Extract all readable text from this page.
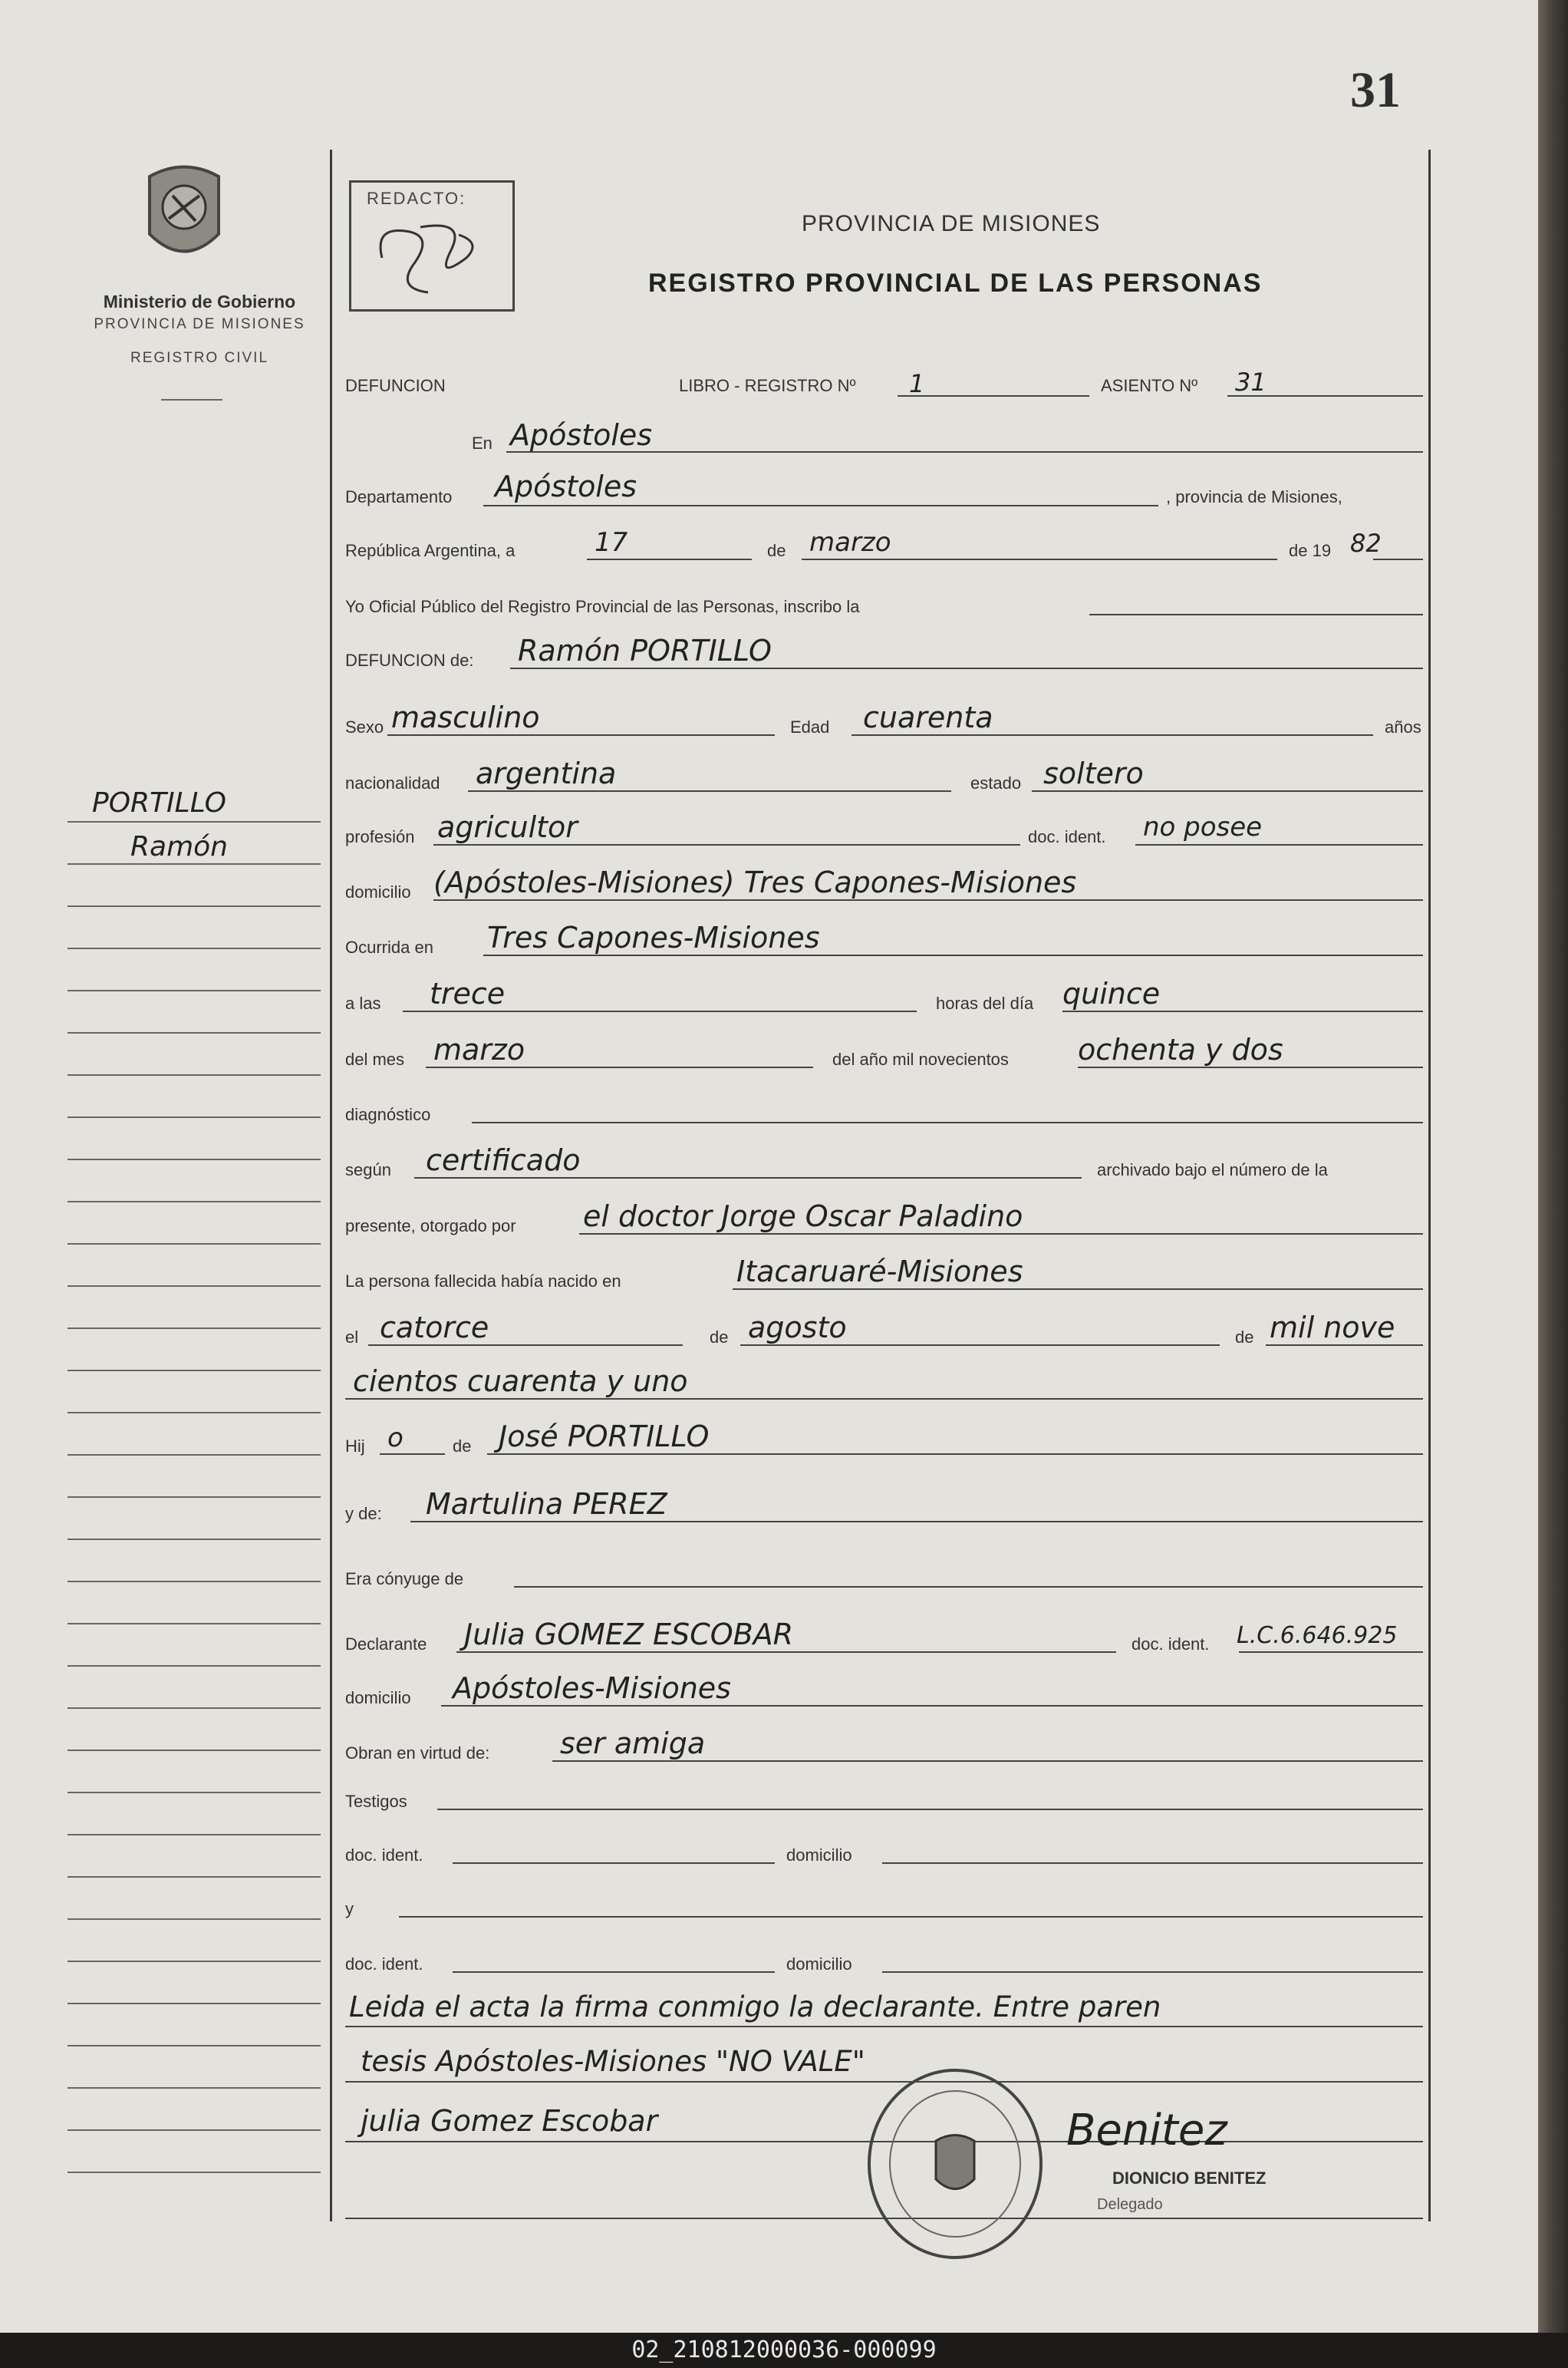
31
Ministerio de Gobierno
PROVINCIA DE MISIONES
REGISTRO CIVIL
REDACTO:
PROVINCIA DE MISIONES
REGISTRO PROVINCIAL DE LAS PERSONAS
PORTILLO
Ramón
DEFUNCION	LIBRO - REGISTRO Nº 1	ASIENTO Nº 31
En Apóstoles
Departamento Apóstoles	, provincia de Misiones,
República Argentina, a	17	de marzo	de 19 82
Yo Oficial Público del Registro Provincial de las Personas, inscribo la
DEFUNCION de: Ramón PORTILLO
Sexo masculino	Edad cuarenta	años
nacionalidad argentina	estado soltero
profesión agricultor	doc. ident. no posee
domicilio (Apóstoles-Misiones) Tres Capones-Misiones
Ocurrida en Tres Capones-Misiones
a las trece	horas del día quince
del mes marzo	del año mil novecientos ochenta y dos
diagnóstico
según certificado	archivado bajo el número de la
presente, otorgado por el doctor Jorge Oscar Paladino
La persona fallecida había nacido en	Itacaruaré-Misiones
el catorce	de agosto	de mil nove
cientos cuarenta y uno
Hij o	de José PORTILLO
y de: Martulina PEREZ
Era cónyuge de
Declarante Julia GOMEZ ESCOBAR	doc. ident. L.C.6.646.925
domicilio Apóstoles-Misiones
Obran en virtud de: ser amiga
Testigos
doc. ident.	domicilio
y
doc. ident.	domicilio
Leida el acta la firma conmigo la declarante. Entre paren
tesis Apóstoles-Misiones "NO VALE"
julia Gomez Escobar	Benitez
DIONICIO BENITEZ
Delegado
02_210812000036-000099
